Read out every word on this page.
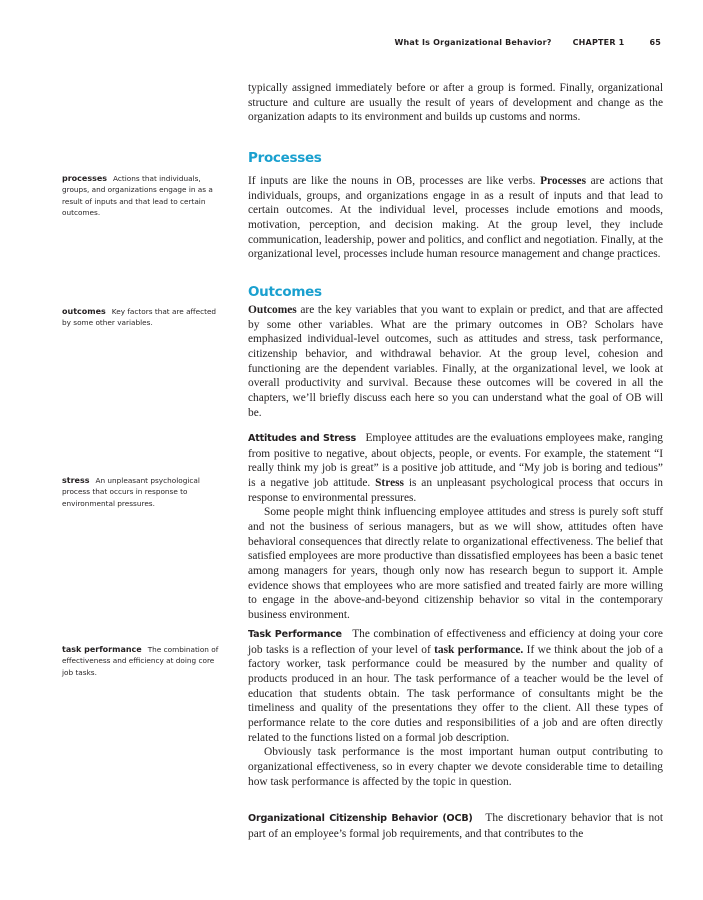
What Is Organizational Behavior?	CHAPTER 1	65

typically assigned immediately before or after a group is formed. Finally, organizational structure and culture are usually the result of years of development and change as the organization adapts to its environment and builds up customs and norms.

Processes

If inputs are like the nouns in OB, processes are like verbs. Processes are actions that individuals, groups, and organizations engage in as a result of inputs and that lead to certain outcomes. At the individual level, processes include emotions and moods, motivation, perception, and decision making. At the group level, they include communication, leadership, power and politics, and conflict and negotiation. Finally, at the organizational level, processes include human resource management and change practices.

Outcomes

Outcomes are the key variables that you want to explain or predict, and that are affected by some other variables. What are the primary outcomes in OB? Scholars have emphasized individual-level outcomes, such as attitudes and stress, task performance, citizenship behavior, and withdrawal behavior. At the group level, cohesion and functioning are the dependent variables. Finally, at the organizational level, we look at overall productivity and survival. Because these outcomes will be covered in all the chapters, we’ll briefly discuss each here so you can understand what the goal of OB will be.

Attitudes and Stress Employee attitudes are the evaluations employees make, ranging from positive to negative, about objects, people, or events. For example, the statement “I really think my job is great” is a positive job attitude, and “My job is boring and tedious” is a negative job attitude. Stress is an unpleasant psychological process that occurs in response to environmental pressures.

Some people might think influencing employee attitudes and stress is purely soft stuff and not the business of serious managers, but as we will show, attitudes often have behavioral consequences that directly relate to organizational effectiveness. The belief that satisfied employees are more productive than dissatisfied employees has been a basic tenet among managers for years, though only now has research begun to support it. Ample evidence shows that employees who are more satisfied and treated fairly are more willing to engage in the above-and-beyond citizenship behavior so vital in the contemporary business environment.

Task Performance The combination of effectiveness and efficiency at doing your core job tasks is a reflection of your level of task performance. If we think about the job of a factory worker, task performance could be measured by the number and quality of products produced in an hour. The task performance of a teacher would be the level of education that students obtain. The task performance of consultants might be the timeliness and quality of the presentations they offer to the client. All these types of performance relate to the core duties and responsibilities of a job and are often directly related to the functions listed on a formal job description.

Obviously task performance is the most important human output contributing to organizational effectiveness, so in every chapter we devote considerable time to detailing how task performance is affected by the topic in question.

Organizational Citizenship Behavior (OCB) The discretionary behavior that is not part of an employee’s formal job requirements, and that contributes to the

processes Actions that individuals, groups, and organizations engage in as a result of inputs and that lead to certain outcomes.
outcomes Key factors that are affected by some other variables.
stress An unpleasant psychological process that occurs in response to environmental pressures.
task performance The combination of effectiveness and efficiency at doing core job tasks.
